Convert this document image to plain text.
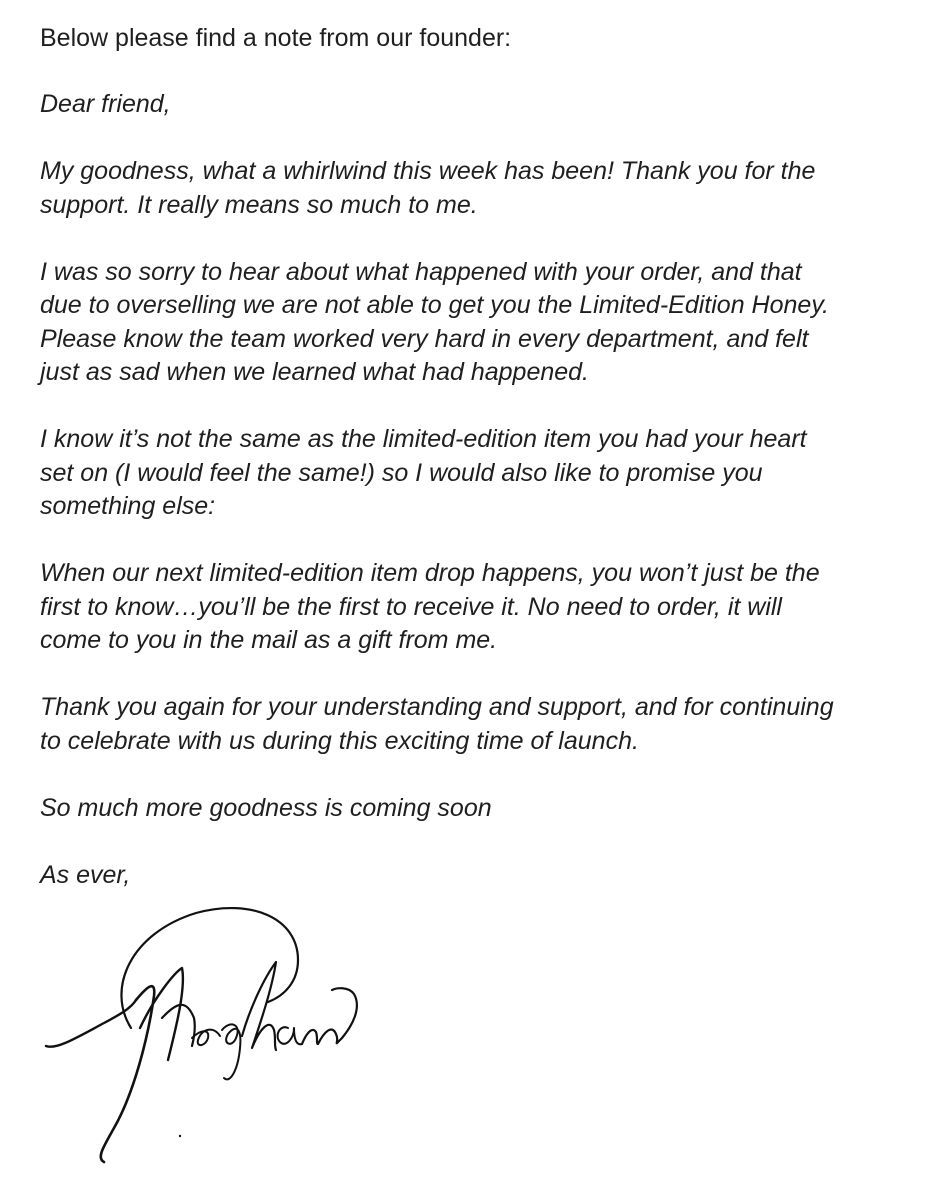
Below please find a note from our founder:
Dear friend,
My goodness, what a whirlwind this week has been! Thank you for the
support. It really means so much to me.
I was so sorry to hear about what happened with your order, and that
due to overselling we are not able to get you the Limited-Edition Honey.
Please know the team worked very hard in every department, and felt
just as sad when we learned what had happened.
I know it’s not the same as the limited-edition item you had your heart
set on (I would feel the same!) so I would also like to promise you
something else:
When our next limited-edition item drop happens, you won’t just be the
first to know…you’ll be the first to receive it. No need to order, it will
come to you in the mail as a gift from me.
Thank you again for your understanding and support, and for continuing
to celebrate with us during this exciting time of launch.
So much more goodness is coming soon
As ever,
